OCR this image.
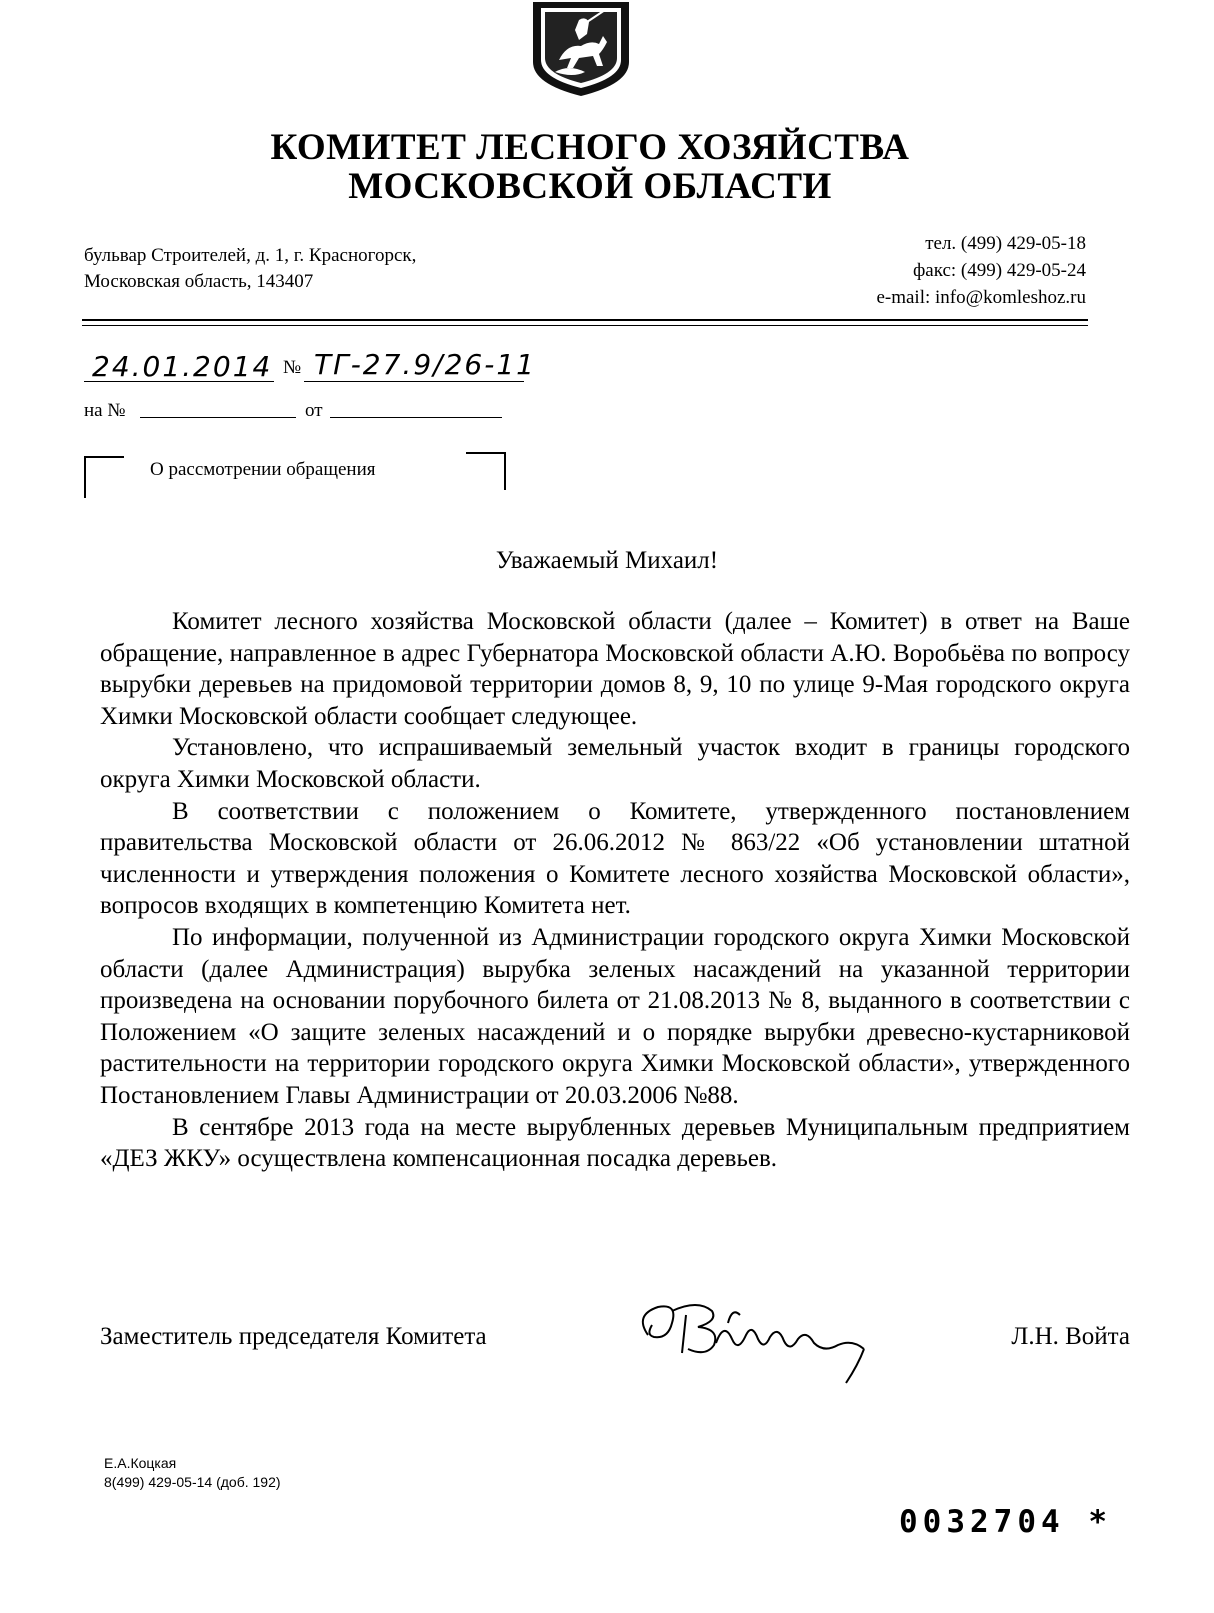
КОМИТЕТ ЛЕСНОГО ХОЗЯЙСТВА
МОСКОВСКОЙ ОБЛАСТИ
бульвар Строителей, д. 1, г. Красногорск,
Московская область, 143407
тел. (499) 429-05-18
факс: (499) 429-05-24
e-mail: info@komleshoz.ru
24.01.2014 № ТГ-27.9/26-11
на №	от
О рассмотрении обращения
Уважаемый Михаил!

Комитет лесного хозяйства Московской области (далее – Комитет) в ответ на Ваше обращение, направленное в адрес Губернатора Московской области А.Ю. Воробьёва по вопросу вырубки деревьев на придомовой территории домов 8, 9, 10 по улице 9-Мая городского округа Химки Московской области сообщает следующее.

Установлено, что испрашиваемый земельный участок входит в границы городского округа Химки Московской области.

В соответствии с положением о Комитете, утвержденного постановлением правительства Московской области от 26.06.2012 № 863/22 «Об установлении штатной численности и утверждения положения о Комитете лесного хозяйства Московской области», вопросов входящих в компетенцию Комитета нет.

По информации, полученной из Администрации городского округа Химки Московской области (далее Администрация) вырубка зеленых насаждений на указанной территории произведена на основании порубочного билета от 21.08.2013 № 8, выданного в соответствии с Положением «О защите зеленых насаждений и о порядке вырубки древесно-кустарниковой растительности на территории городского округа Химки Московской области», утвержденного Постановлением Главы Администрации от 20.03.2006 №88.

В сентябре 2013 года на месте вырубленных деревьев Муниципальным предприятием «ДЕЗ ЖКУ» осуществлена компенсационная посадка деревьев.

Заместитель председателя Комитета	Л.Н. Войта
Е.А.Коцкая
8(499) 429-05-14 (доб. 192)
0032704 *
